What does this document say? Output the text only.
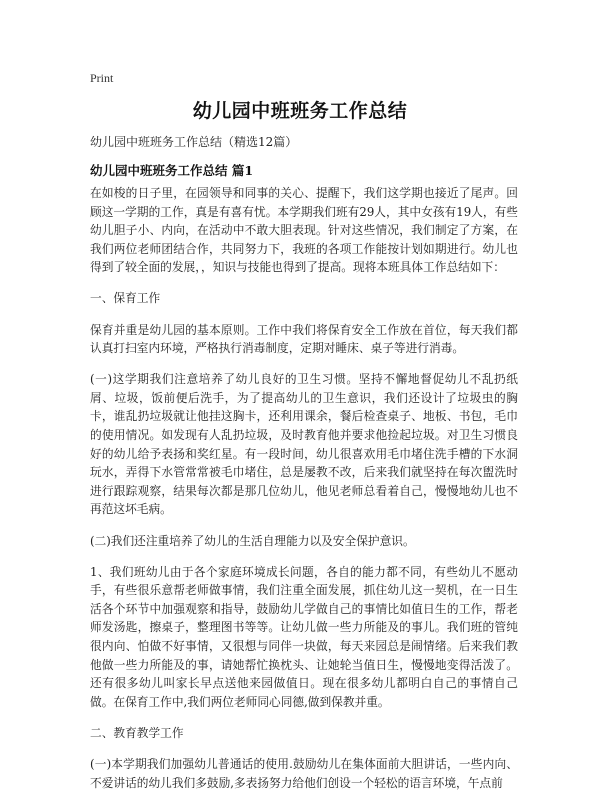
Print
幼儿园中班班务工作总结
幼儿园中班班务工作总结（精选12篇）
幼儿园中班班务工作总结 篇1

在如梭的日子里，在园领导和同事的关心、提醒下，我们这学期也接近了尾声。回顾这一学期的工作，真是有喜有忧。本学期我们班有29人，其中女孩有19人，有些幼儿胆子小、内向，在活动中不敢大胆表现。针对这些情况，我们制定了方案，在我们两位老师团结合作，共同努力下，我班的各项工作能按计划如期进行。幼儿也得到了较全面的发展，，知识与技能也得到了提高。现将本班具体工作总结如下：

一、保育工作

保育并重是幼儿园的基本原则。工作中我们将保育安全工作放在首位，每天我们都认真打扫室内环境，严格执行消毒制度，定期对睡床、桌子等进行消毒。

(一)这学期我们注意培养了幼儿良好的卫生习惯。坚持不懈地督促幼儿不乱扔纸屑、垃圾，饭前便后洗手，为了提高幼儿的卫生意识，我们还设计了垃圾虫的胸卡，谁乱扔垃圾就让他挂这胸卡，还利用课余，餐后检查桌子、地板、书包，毛巾的使用情况。如发现有人乱扔垃圾，及时教育他并要求他捡起垃圾。对卫生习惯良好的幼儿给予表扬和奖红星。有一段时间，幼儿很喜欢用毛巾堵住洗手槽的下水洞玩水，弄得下水管常常被毛巾堵住，总是屡教不改，后来我们就坚持在每次盥洗时进行跟踪观察，结果每次都是那几位幼儿，他见老师总看着自己，慢慢地幼儿也不再范这坏毛病。

(二)我们还注重培养了幼儿的生活自理能力以及安全保护意识。

1、我们班幼儿由于各个家庭环境成长问题，各自的能力都不同，有些幼儿不愿动手，有些很乐意帮老师做事情，我们注重全面发展，抓住幼儿这一契机，在一日生活各个环节中加强观察和指导，鼓励幼儿学做自己的事情比如值日生的工作，帮老师发汤匙，擦桌子，整理图书等等。让幼儿做一些力所能及的事儿。我们班的管纯很内向、怕做不好事情，又很想与同伴一块做，每天来园总是闹情绪。后来我们教他做一些力所能及的事，请她帮忙换枕头、让她轮当值日生，慢慢地变得活泼了。还有很多幼儿叫家长早点送他来园做值日。现在很多幼儿都明白自己的事情自己做。在保育工作中,我们两位老师同心同德,做到保教并重。

二、教育教学工作

(一)本学期我们加强幼儿普通话的使用.鼓励幼儿在集体面前大胆讲话，一些内向、不爱讲话的幼儿我们多鼓励,多表扬努力给他们创设一个轻松的语言环境，午点前
